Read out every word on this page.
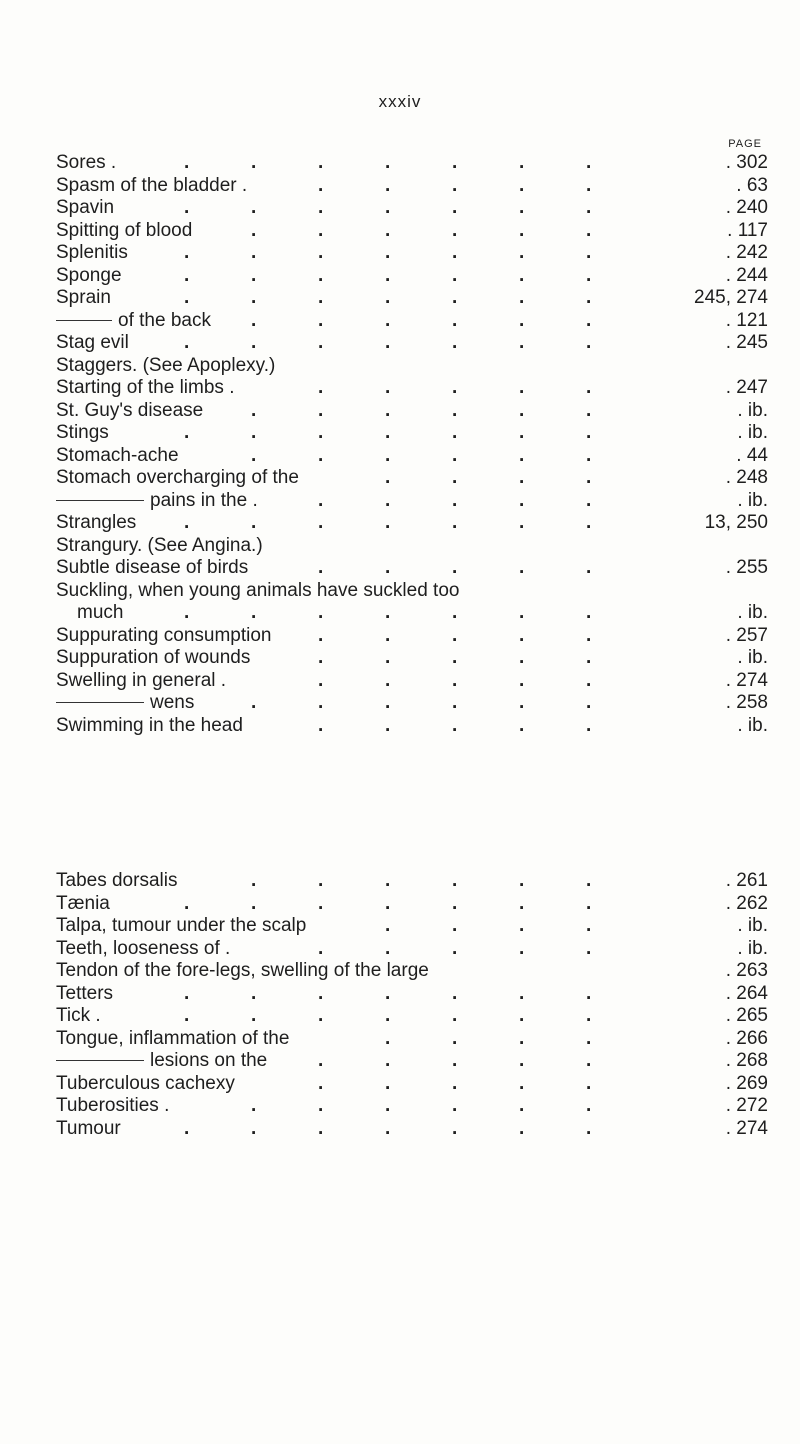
xxxiv
PAGE
Sores .	. 302
.	.	.	.	.	.	.
Spasm of the bladder .	. 63
.	.	.	.	.
Spavin	. 240
.	.	.	.	.	.	.
Spitting of blood	. 117
.	.	.	.	.	.
Splenitis	. 242
.	.	.	.	.	.	.
Sponge	. 244
.	.	.	.	.	.	.
Sprain	245, 274
.	.	.	.	.	.	.
of the back	. 121
.	.	.	.	.	.
Stag evil	. 245
.	.	.	.	.	.	.
Staggers. (See Apoplexy.)
Starting of the limbs .	. 247
.	.	.	.	.
St. Guy's disease	. ib.
.	.	.	.	.	.
Stings	. ib.
.	.	.	.	.	.	.
Stomach-ache	. 44
.	.	.	.	.	.
Stomach overcharging of the	. 248
.	.	.	.
pains in the .	. ib.
.	.	.	.	.
Strangles	13, 250
.	.	.	.	.	.	.
Strangury. (See Angina.)
Subtle disease of birds	. 255
.	.	.	.	.
Suckling, when young animals have suckled too
much	. ib.
.	.	.	.	.	.	.
Suppurating consumption	. 257
.	.	.	.	.
Suppuration of wounds	. ib.
.	.	.	.	.
Swelling in general .	. 274
.	.	.	.	.
wens	. 258
.	.	.	.	.	.
Swimming in the head	. ib.
.	.	.	.	.
Tabes dorsalis	. 261
.	.	.	.	.	.
Tænia	. 262
.	.	.	.	.	.	.
Talpa, tumour under the scalp	. ib.
.	.	.	.
Teeth, looseness of .	. ib.
.	.	.	.	.
Tendon of the fore-legs, swelling of the large	. 263
Tetters	. 264
.	.	.	.	.	.	.
Tick .	. 265
.	.	.	.	.	.	.
Tongue, inflammation of the	. 266
.	.	.	.
lesions on the	. 268
.	.	.	.	.
Tuberculous cachexy	. 269
.	.	.	.	.
Tuberosities .	. 272
.	.	.	.	.	.
Tumour	. 274
.	.	.	.	.	.	.
